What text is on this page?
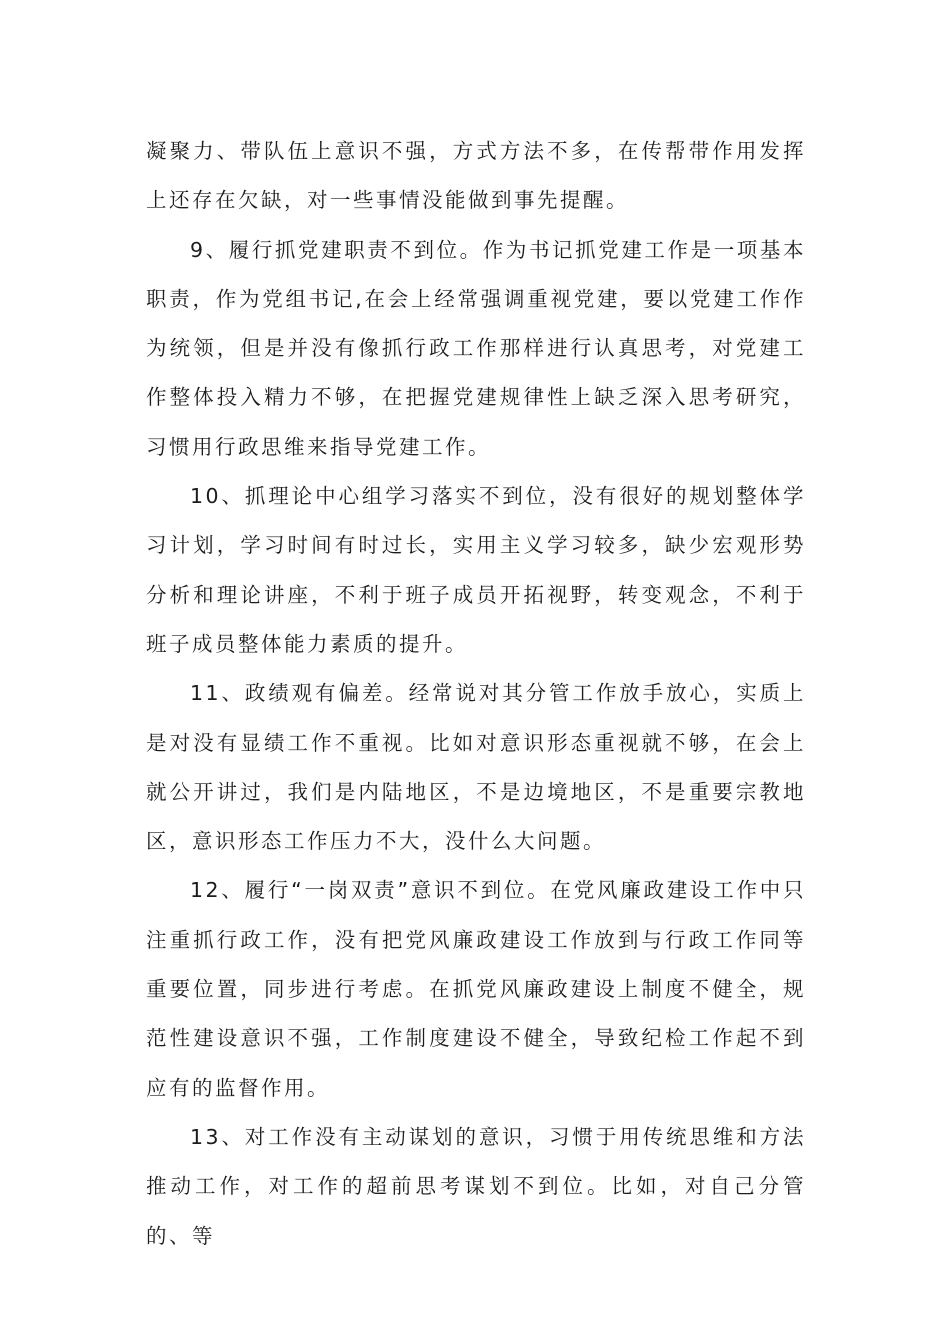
凝聚力、带队伍上意识不强，方式方法不多，在传帮带作用发挥上还存在欠缺，对一些事情没能做到事先提醒。

9、履行抓党建职责不到位。作为书记抓党建工作是一项基本职责，作为党组书记,在会上经常强调重视党建，要以党建工作作为统领，但是并没有像抓行政工作那样进行认真思考，对党建工作整体投入精力不够，在把握党建规律性上缺乏深入思考研究，习惯用行政思维来指导党建工作。

10、抓理论中心组学习落实不到位，没有很好的规划整体学习计划，学习时间有时过长，实用主义学习较多，缺少宏观形势分析和理论讲座，不利于班子成员开拓视野，转变观念，不利于班子成员整体能力素质的提升。

11、政绩观有偏差。经常说对其分管工作放手放心，实质上是对没有显绩工作不重视。比如对意识形态重视就不够，在会上就公开讲过，我们是内陆地区，不是边境地区，不是重要宗教地区，意识形态工作压力不大，没什么大问题。

12、履行“一岗双责”意识不到位。在党风廉政建设工作中只注重抓行政工作，没有把党风廉政建设工作放到与行政工作同等重要位置，同步进行考虑。在抓党风廉政建设上制度不健全，规范性建设意识不强，工作制度建设不健全，导致纪检工作起不到应有的监督作用。

13、对工作没有主动谋划的意识，习惯于用传统思维和方法推动工作，对工作的超前思考谋划不到位。比如，对自己分管的、等
